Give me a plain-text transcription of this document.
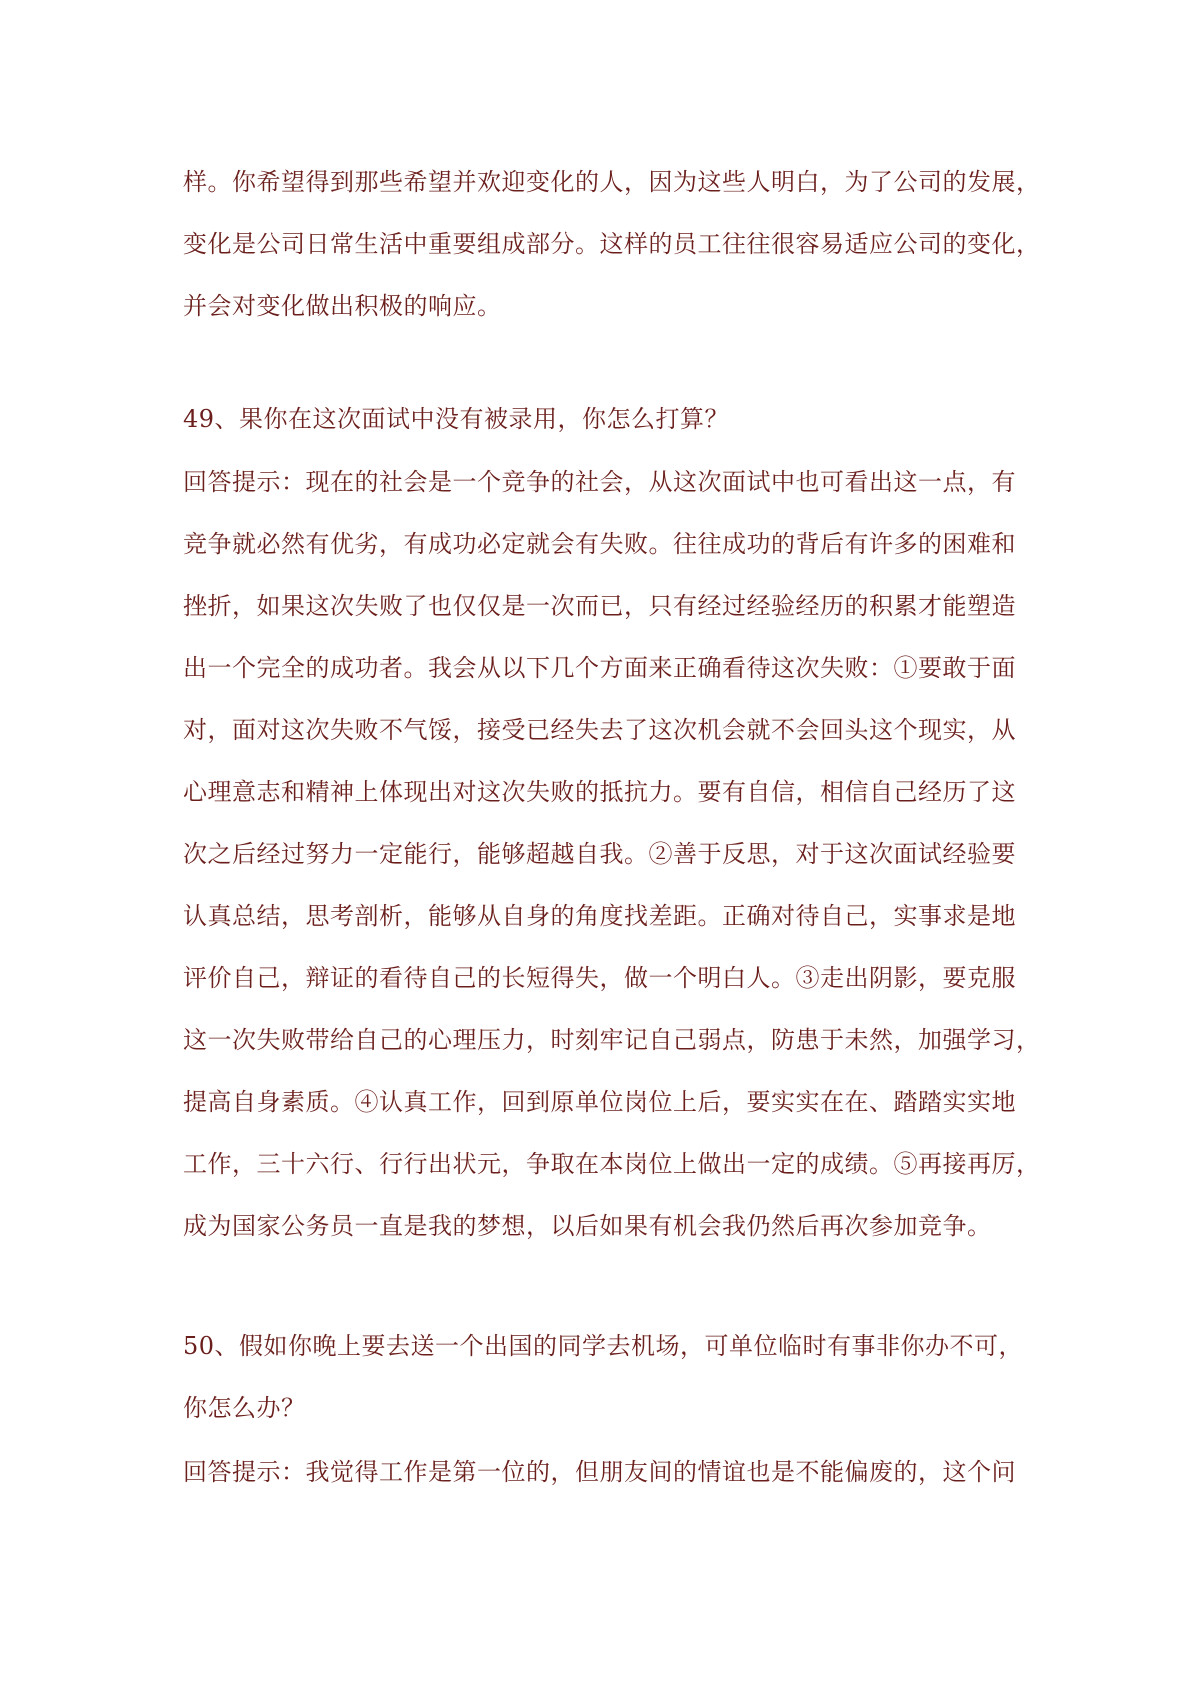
样。你希望得到那些希望并欢迎变化的人，因为这些人明白，为了公司的发展，
变化是公司日常生活中重要组成部分。这样的员工往往很容易适应公司的变化，
并会对变化做出积极的响应。
49、果你在这次面试中没有被录用，你怎么打算？
回答提示：现在的社会是一个竞争的社会，从这次面试中也可看出这一点，有
竞争就必然有优劣，有成功必定就会有失败。往往成功的背后有许多的困难和
挫折，如果这次失败了也仅仅是一次而已，只有经过经验经历的积累才能塑造
出一个完全的成功者。我会从以下几个方面来正确看待这次失败：①要敢于面
对，面对这次失败不气馁，接受已经失去了这次机会就不会回头这个现实，从
心理意志和精神上体现出对这次失败的抵抗力。要有自信，相信自己经历了这
次之后经过努力一定能行，能够超越自我。②善于反思，对于这次面试经验要
认真总结，思考剖析，能够从自身的角度找差距。正确对待自己，实事求是地
评价自己，辩证的看待自己的长短得失，做一个明白人。③走出阴影，要克服
这一次失败带给自己的心理压力，时刻牢记自己弱点，防患于未然，加强学习，
提高自身素质。④认真工作，回到原单位岗位上后，要实实在在、踏踏实实地
工作，三十六行、行行出状元，争取在本岗位上做出一定的成绩。⑤再接再厉，
成为国家公务员一直是我的梦想，以后如果有机会我仍然后再次参加竞争。
50、假如你晚上要去送一个出国的同学去机场，可单位临时有事非你办不可，
你怎么办？
回答提示：我觉得工作是第一位的，但朋友间的情谊也是不能偏废的，这个问
